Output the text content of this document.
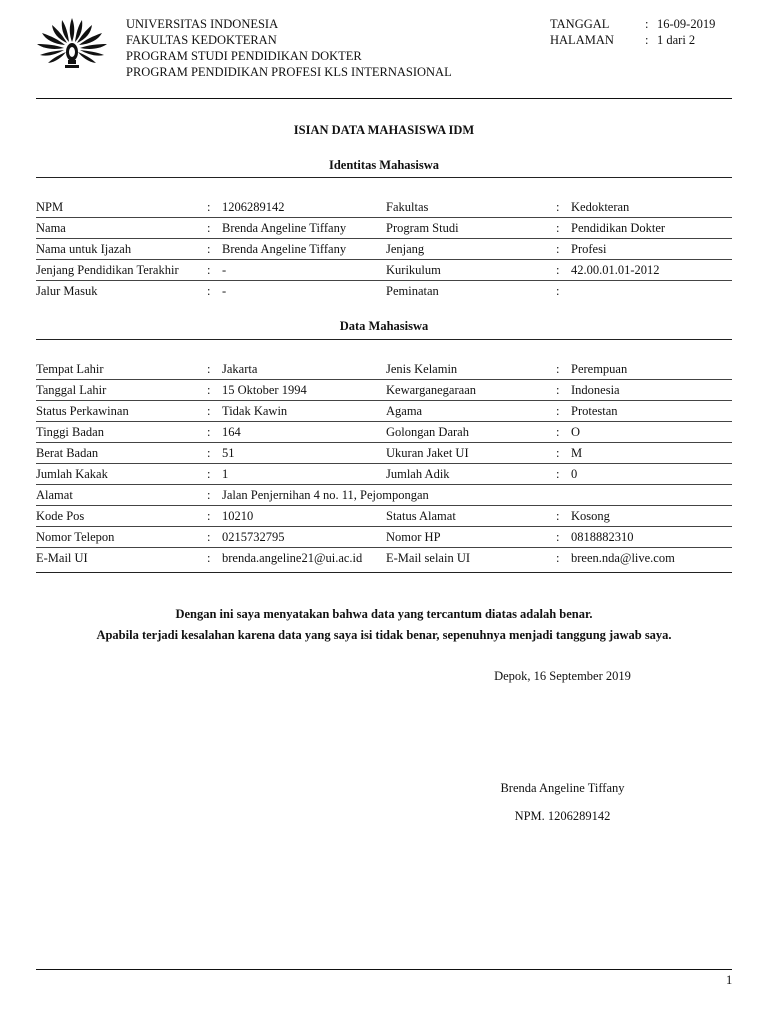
UNIVERSITAS INDONESIA
FAKULTAS KEDOKTERAN
PROGRAM STUDI PENDIDIKAN DOKTER
PROGRAM PENDIDIKAN PROFESI KLS INTERNASIONAL
TANGGAL	: 16-09-2019
HALAMAN : 1 dari 2
ISIAN DATA MAHASISWA IDM
Identitas Mahasiswa
NPM	:	1206289142	Fakultas	:	Kedokteran
Nama	:	Brenda Angeline Tiffany	Program Studi	:	Pendidikan Dokter
Nama untuk Ijazah	:	Brenda Angeline Tiffany	Jenjang	:	Profesi
Jenjang Pendidikan Terakhir	:	-	Kurikulum	:	42.00.01.01-2012
Jalur Masuk	:	-	Peminatan	:	
Data Mahasiswa
Tempat Lahir	:	Jakarta	Jenis Kelamin	:	Perempuan
Tanggal Lahir	:	15 Oktober 1994	Kewarganegaraan	:	Indonesia
Status Perkawinan	:	Tidak Kawin	Agama	:	Protestan
Tinggi Badan	:	164	Golongan Darah	:	O
Berat Badan	:	51	Ukuran Jaket UI	:	M
Jumlah Kakak	:	1	Jumlah Adik	:	0
Alamat	:	Jalan Penjernihan 4 no. 11, Pejompongan			
Kode Pos	:	10210	Status Alamat	:	Kosong
Nomor Telepon	:	0215732795	Nomor HP	:	0818882310
E-Mail UI	:	brenda.angeline21@ui.ac.id	E-Mail selain UI	:	breen.nda@live.com
Dengan ini saya menyatakan bahwa data yang tercantum diatas adalah benar.
Apabila terjadi kesalahan karena data yang saya isi tidak benar, sepenuhnya menjadi tanggung jawab saya.
Depok, 16 September 2019
Brenda Angeline Tiffany
NPM. 1206289142
1
